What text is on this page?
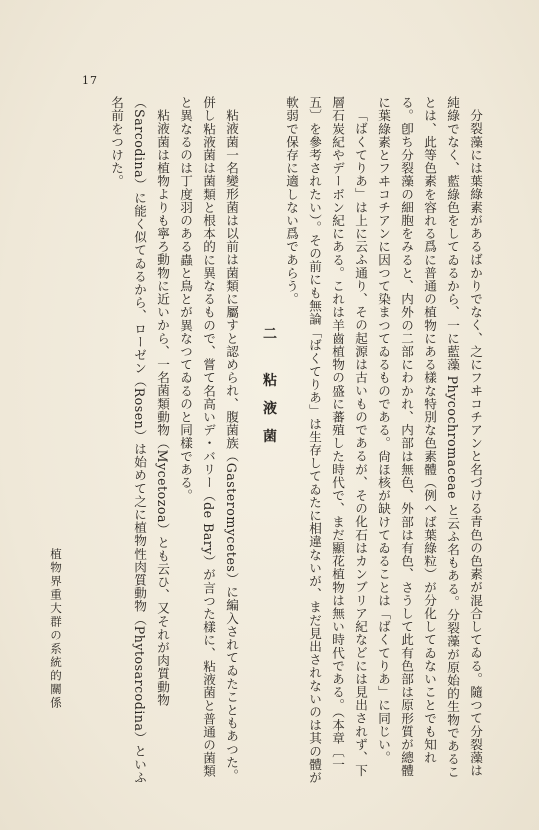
17

分裂藻には葉綠素があるばかりでなく、之にフヰコチアンと名づける青色の色素が混合してゐる。隨つて分裂藻は純綠でなく、藍綠色をしてゐるから、一に藍藻 Phycochromaceae と云ふ名もある。分裂藻が原始的生物であることは、此等色素を容れる爲に普通の植物にある樣な特別な色素體（例へば葉綠粒）が分化してゐないことでも知れる。卽ち分裂藻の細胞をみると、内外の二部にわかれ、内部は無色、外部は有色、さうして此有色部は原形質が總體に葉綠素とフヰコチアンに因つて染まつてゐるものである。尙ほ核が缺けてゐることは「ばくてりあ」に同じい。

「ばくてりあ」は上に云ふ通り、その起源は古いものであるが、その化石はカンブリア紀などには見出されず、下層石炭紀やデーボン紀にある。これは羊齒植物の盛に蕃殖した時代で、まだ顯花植物は無い時代である。（本章〔一五〕を參考されたい）。その前にも無論「ばくてりあ」は生存してゐたに相違ないが、まだ見出されないのは其の體が軟弱で保存に適しない爲であらう。

二 粘液菌

粘液菌一名變形菌は以前は菌類に屬すと認められ、腹菌族（Gasteromycetes）に編入されてゐたこともあつた。併し粘液菌は菌類と根本的に異なるもので、嘗て名高いデ・バリー（de Bary）が言つた樣に、粘液菌と普通の菌類と異なるのは丁度羽のある蟲と鳥とが異なつてゐるのと同樣である。

粘液菌は植物よりも寧ろ動物に近いから、一名菌類動物（Mycetozoa）とも云ひ、又それが肉質動物（Sarcodina）に能く似てゐるから、ローゼン（Rosen）は始めて之に植物性肉質動物（Phytosarcodina）といふ名前をつけた。

植物界重大群の系統的關係
